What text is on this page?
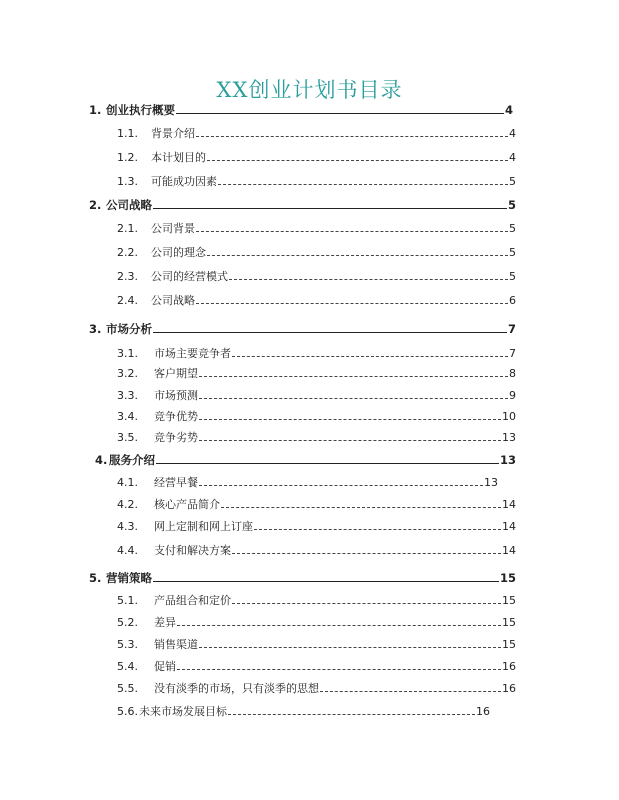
XX创业计划书目录
1. 创业执行概要	4
1.1.	背景介绍	4
1.2.	本计划目的	4
1.3.	可能成功因素	5
2. 公司战略	5
2.1.	公司背景	5
2.2.	公司的理念	5
2.3.	公司的经营模式	5
2.4.	公司战略	6
3. 市场分析	7
3.1.	市场主要竞争者	7
3.2.	客户期望	8
3.3.	市场预测	9
3.4.	竞争优势	10
3.5.	竞争劣势	13
4. 服务介绍	13
4.1.	经营早餐	13
4.2.	核心产品简介	14
4.3.	网上定制和网上订座	14
4.4.	支付和解决方案	14
5. 营销策略	15
5.1.	产品组合和定价	15
5.2.	差异	15
5.3.	销售渠道	15
5.4.	促销	16
5.5.	没有淡季的市场，只有淡季的思想	16
5.6. 未来市场发展目标	16
